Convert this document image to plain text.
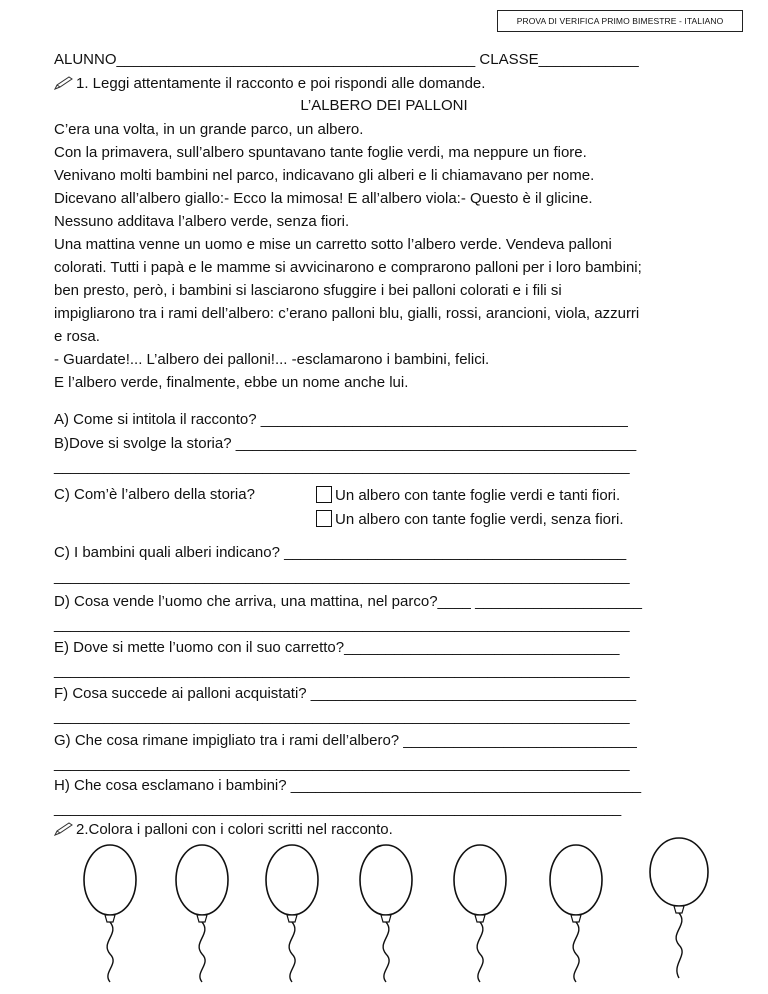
PROVA DI VERIFICA PRIMO BIMESTRE - ITALIANO
ALUNNO___________________________________________ CLASSE____________
1. Leggi attentamente il racconto e poi rispondi alle domande.
L’ALBERO DEI PALLONI
C’era una volta, in un grande parco, un albero.
Con la primavera, sull’albero spuntavano tante foglie verdi, ma neppure un fiore.
Venivano molti bambini nel parco, indicavano gli alberi e li chiamavano per nome.
Dicevano all’albero giallo:- Ecco la mimosa! E all’albero viola:- Questo è il glicine.
Nessuno additava l’albero verde, senza fiori.
Una mattina venne un uomo e mise un carretto sotto l’albero verde. Vendeva palloni
colorati. Tutti i papà e le mamme si avvicinarono e comprarono palloni per i loro bambini;
ben presto, però, i bambini si lasciarono sfuggire i bei palloni colorati e i fili si
impigliarono tra i rami dell’albero: c’erano palloni blu, gialli, rossi, arancioni, viola, azzurri
e rosa.
- Guardate!... L’albero dei palloni!... -esclamarono i bambini, felici.
E l’albero verde, finalmente, ebbe un nome anche lui.
A) Come si intitola il racconto? ____________________________________________
B)Dove si svolge la storia? ________________________________________________
_____________________________________________________________________
C) Com’è l’albero della storia?	Un albero con tante foglie verdi e tanti fiori.
Un albero con tante foglie verdi, senza fiori.
C) I bambini quali alberi indicano? _________________________________________
_____________________________________________________________________
D) Cosa vende l’uomo che arriva, una mattina, nel parco?____ ____________________
_____________________________________________________________________
E) Dove si mette l’uomo con il suo carretto?_________________________________
_____________________________________________________________________
F) Cosa succede ai palloni acquistati? _______________________________________
_____________________________________________________________________
G) Che cosa rimane impigliato tra i rami dell’albero? ____________________________
_____________________________________________________________________
H) Che cosa esclamano i bambini? __________________________________________
____________________________________________________________________
2.Colora i palloni con i colori scritti nel racconto.
